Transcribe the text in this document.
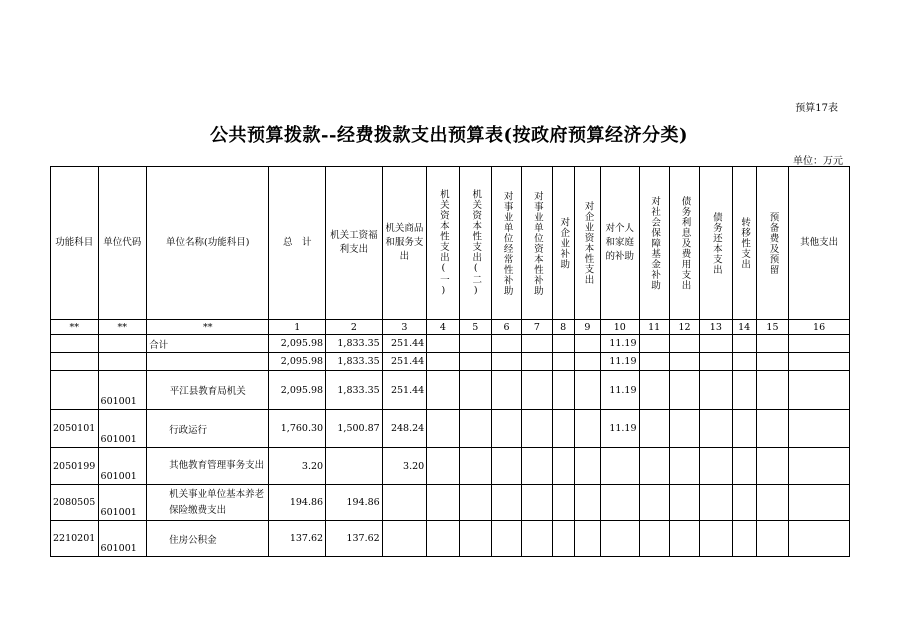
预算17表
公共预算拨款--经费拨款支出预算表(按政府预算经济分类)
单位：万元
功能科目	单位代码	单位名称(功能科目)	总　计	机关工资福利支出	机关商品和服务支出	机关资本性支出(一)	机关资本性支出(二)	对事业单位经常性补助	对事业单位资本性补助	对企业补助	对企业资本性支出	对个人和家庭的补助	对社会保障基金补助	债务利息及费用支出	债务还本支出	转移性支出	预备费及预留	其他支出
**	**	**	1	2	3	4	5	6	7	8	9	10	11	12	13	14	15	16
		合计	2,095.98	1,833.35	251.44							11.19						
			2,095.98	1,833.35	251.44							11.19						
	601001	平江县教育局机关	2,095.98	1,833.35	251.44							11.19						
2050101	601001	行政运行	1,760.30	1,500.87	248.24							11.19						
2050199	601001	其他教育管理事务支出	3.20		3.20													
2080505	601001	机关事业单位基本养老保险缴费支出	194.86	194.86														
2210201	601001	住房公积金	137.62	137.62														
